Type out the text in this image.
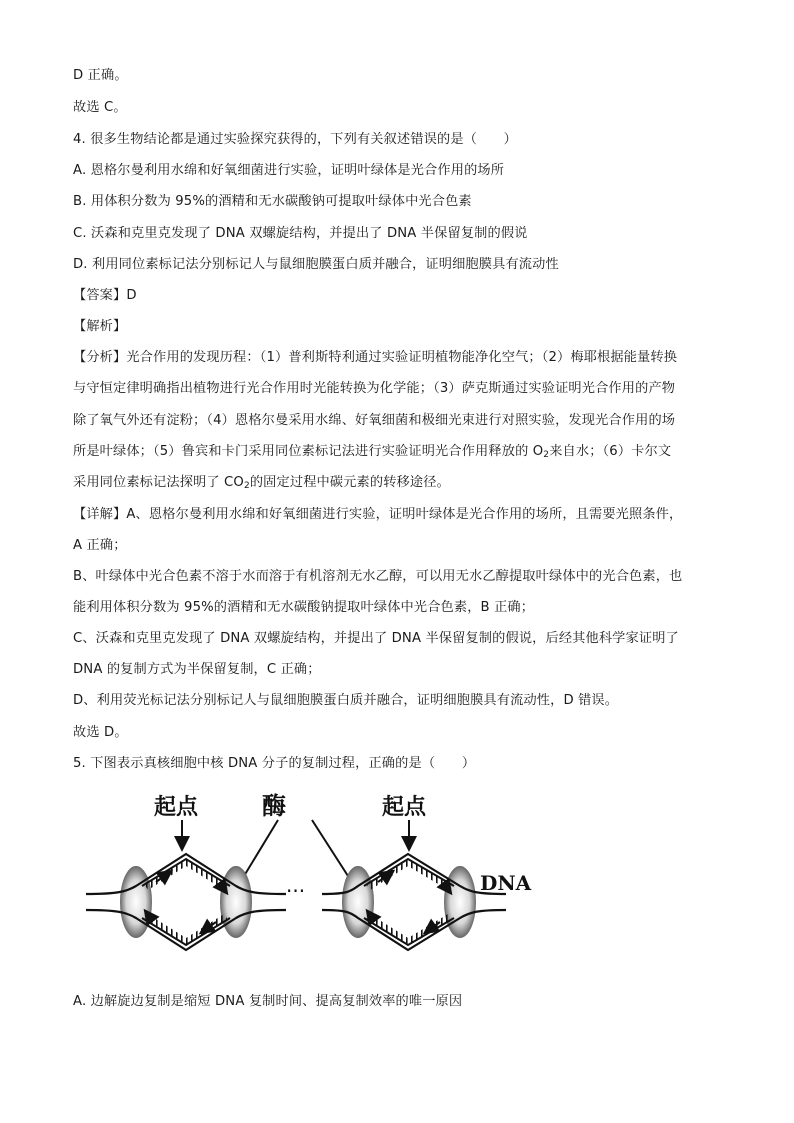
D 正确。
故选 C。
4. 很多生物结论都是通过实验探究获得的，下列有关叙述错误的是（　　）
A. 恩格尔曼利用水绵和好氧细菌进行实验，证明叶绿体是光合作用的场所
B. 用体积分数为 95%的酒精和无水碳酸钠可提取叶绿体中光合色素
C. 沃森和克里克发现了 DNA 双螺旋结构，并提出了 DNA 半保留复制的假说
D. 利用同位素标记法分别标记人与鼠细胞膜蛋白质并融合，证明细胞膜具有流动性
【答案】D
【解析】
【分析】光合作用的发现历程：（1）普利斯特利通过实验证明植物能净化空气；（2）梅耶根据能量转换
与守恒定律明确指出植物进行光合作用时光能转换为化学能；（3）萨克斯通过实验证明光合作用的产物
除了氧气外还有淀粉；（4）恩格尔曼采用水绵、好氧细菌和极细光束进行对照实验，发现光合作用的场
所是叶绿体；（5）鲁宾和卡门采用同位素标记法进行实验证明光合作用释放的 $O_2$来自水；（6）卡尔文
采用同位素标记法探明了 $CO_2$的固定过程中碳元素的转移途径。
【详解】A、恩格尔曼利用水绵和好氧细菌进行实验，证明叶绿体是光合作用的场所，且需要光照条件，
A 正确；
B、叶绿体中光合色素不溶于水而溶于有机溶剂无水乙醇，可以用无水乙醇提取叶绿体中的光合色素，也
能利用体积分数为 95%的酒精和无水碳酸钠提取叶绿体中光合色素，B 正确；
C、沃森和克里克发现了 DNA 双螺旋结构，并提出了 DNA 半保留复制的假说，后经其他科学家证明了
DNA 的复制方式为半保留复制，C 正确；
D、利用荧光标记法分别标记人与鼠细胞膜蛋白质并融合，证明细胞膜具有流动性，D 错误。
故选 D。
5. 下图表示真核细胞中核 DNA 分子的复制过程，正确的是（　　）
起点	酶	起点
DNA
···
A. 边解旋边复制是缩短 DNA 复制时间、提高复制效率的唯一原因
